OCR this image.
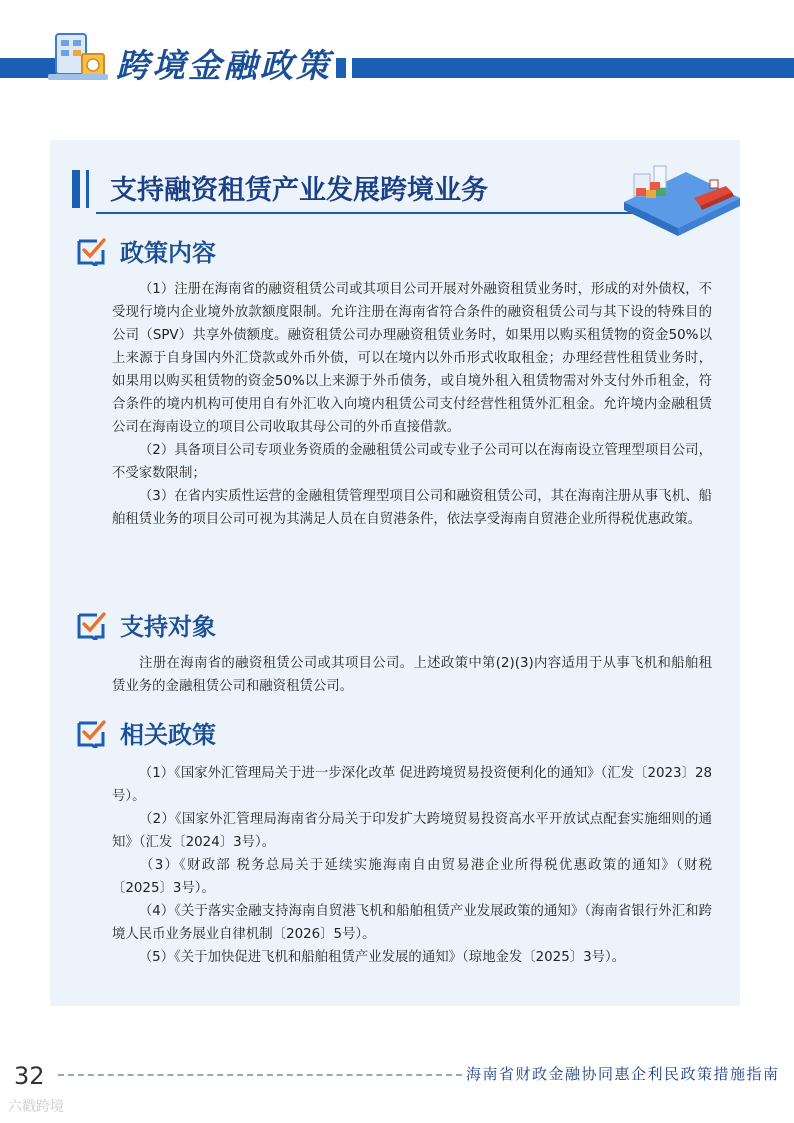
跨境金融政策
支持融资租赁产业发展跨境业务
政策内容

（1）注册在海南省的融资租赁公司或其项目公司开展对外融资租赁业务时，形成的对外债权，不受现行境内企业境外放款额度限制。允许注册在海南省符合条件的融资租赁公司与其下设的特殊目的公司（SPV）共享外债额度。融资租赁公司办理融资租赁业务时，如果用以购买租赁物的资金50%以上来源于自身国内外汇贷款或外币外债，可以在境内以外币形式收取租金；办理经营性租赁业务时，如果用以购买租赁物的资金50%以上来源于外币债务，或自境外租入租赁物需对外支付外币租金，符合条件的境内机构可使用自有外汇收入向境内租赁公司支付经营性租赁外汇租金。允许境内金融租赁公司在海南设立的项目公司收取其母公司的外币直接借款。

（2）具备项目公司专项业务资质的金融租赁公司或专业子公司可以在海南设立管理型项目公司，不受家数限制；

（3）在省内实质性运营的金融租赁管理型项目公司和融资租赁公司，其在海南注册从事飞机、船舶租赁业务的项目公司可视为其满足人员在自贸港条件，依法享受海南自贸港企业所得税优惠政策。

支持对象

注册在海南省的融资租赁公司或其项目公司。上述政策中第(2)(3)内容适用于从事飞机和船舶租赁业务的金融租赁公司和融资租赁公司。

相关政策

（1）《国家外汇管理局关于进一步深化改革 促进跨境贸易投资便利化的通知》（汇发〔2023〕28号）。

（2）《国家外汇管理局海南省分局关于印发扩大跨境贸易投资高水平开放试点配套实施细则的通知》（汇发〔2024〕3号）。

（3）《财政部 税务总局关于延续实施海南自由贸易港企业所得税优惠政策的通知》（财税〔2025〕3号）。

（4）《关于落实金融支持海南自贸港飞机和船舶租赁产业发展政策的通知》（海南省银行外汇和跨境人民币业务展业自律机制〔2026〕5号）。

（5）《关于加快促进飞机和船舶租赁产业发展的通知》（琼地金发〔2025〕3号）。

32	海南省财政金融协同惠企利民政策措施指南
六戳跨境
